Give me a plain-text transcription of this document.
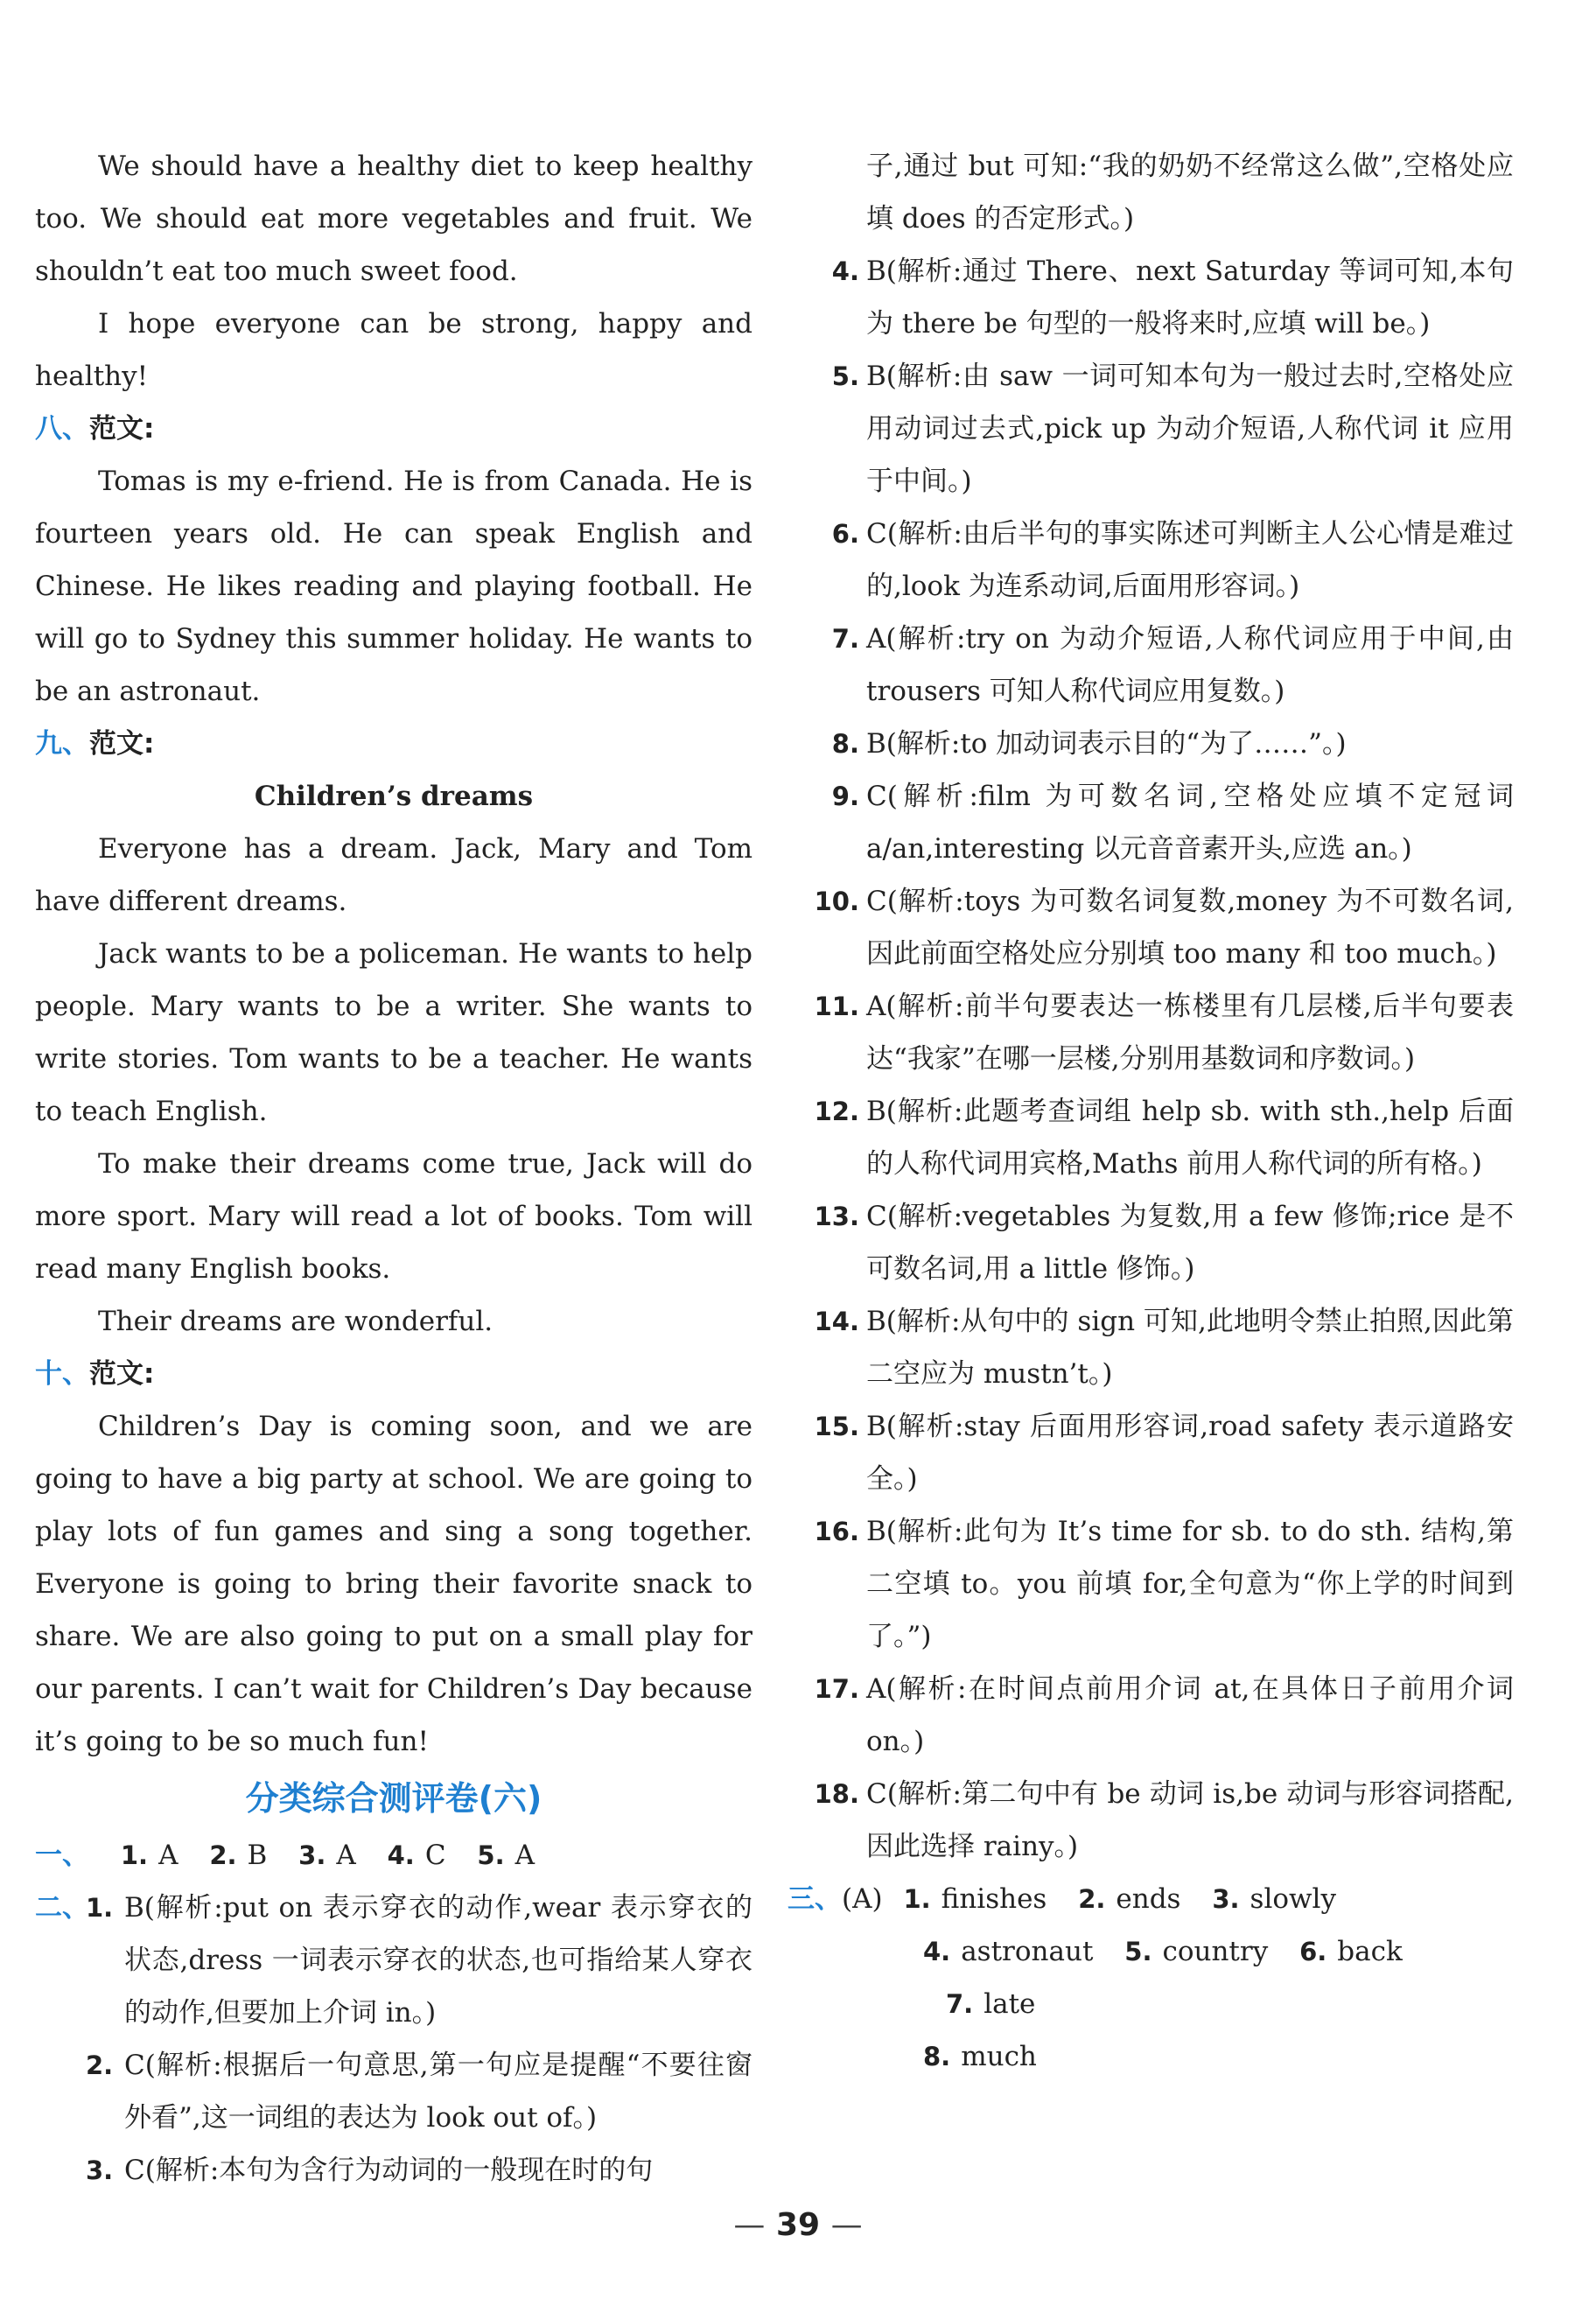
We should have a healthy diet to keep healthy too. We should eat more vegetables and fruit. We shouldn’t eat too much sweet food.

I hope everyone can be strong, happy and healthy!

八、范文:

Tomas is my e-friend. He is from Canada. He is fourteen years old. He can speak English and Chinese. He likes reading and playing football. He will go to Sydney this summer holiday. He wants to be an astronaut.

九、范文:

Children’s dreams

Everyone has a dream. Jack, Mary and Tom have different dreams.

Jack wants to be a policeman. He wants to help people. Mary wants to be a writer. She wants to write stories. Tom wants to be a teacher. He wants to teach English.

To make their dreams come true, Jack will do more sport. Mary will read a lot of books. Tom will read many English books.

Their dreams are wonderful.

十、范文:

Children’s Day is coming soon, and we are going to have a big party at school. We are going to play lots of fun games and sing a song together. Everyone is going to bring their favorite snack to share. We are also going to put on a small play for our parents. I can’t wait for Children’s Day because it’s going to be so much fun!

分类综合测评卷(六)

一、 1. A 2. B 3. A 4. C 5. A
二、
1. B(解析:put on 表示穿衣的动作,wear 表示穿衣的状态,dress 一词表示穿衣的状态,也可指给某人穿衣的动作,但要加上介词 in。)
2. C(解析:根据后一句意思,第一句应是提醒“不要往窗外看”,这一词组的表达为 look out of。)
3. C(解析:本句为含行为动词的一般现在时的句
子,通过 but 可知:“我的奶奶不经常这么做”,空格处应填 does 的否定形式。)
4. B(解析:通过 There、next Saturday 等词可知,本句为 there be 句型的一般将来时,应填 will be。)
5. B(解析:由 saw 一词可知本句为一般过去时,空格处应用动词过去式,pick up 为动介短语,人称代词 it 应用于中间。)
6. C(解析:由后半句的事实陈述可判断主人公心情是难过的,look 为连系动词,后面用形容词。)
7. A(解析:try on 为动介短语,人称代词应用于中间,由 trousers 可知人称代词应用复数。)
8. B(解析:to 加动词表示目的“为了……”。)
9. C(解析:film 为可数名词,空格处应填不定冠词 a/an,interesting 以元音音素开头,应选 an。)
10. C(解析:toys 为可数名词复数,money 为不可数名词,因此前面空格处应分别填 too many 和 too much。)
11. A(解析:前半句要表达一栋楼里有几层楼,后半句要表达“我家”在哪一层楼,分别用基数词和序数词。)
12. B(解析:此题考查词组 help sb. with sth.,help 后面的人称代词用宾格,Maths 前用人称代词的所有格。)
13. C(解析:vegetables 为复数,用 a few 修饰;rice 是不可数名词,用 a little 修饰。)
14. B(解析:从句中的 sign 可知,此地明令禁止拍照,因此第二空应为 mustn’t。)
15. B(解析:stay 后面用形容词,road safety 表示道路安全。)
16. B(解析:此句为 It’s time for sb. to do sth. 结构,第二空填 to。you 前填 for,全句意为“你上学的时间到了。”)
17. A(解析:在时间点前用介词 at,在具体日子前用介词 on。)
18. C(解析:第二句中有 be 动词 is,be 动词与形容词搭配,因此选择 rainy。)
三、(A) 1. finishes 2. ends 3. slowly
4. astronaut 5. country 6. back 7. late
8. much
— 39 —
